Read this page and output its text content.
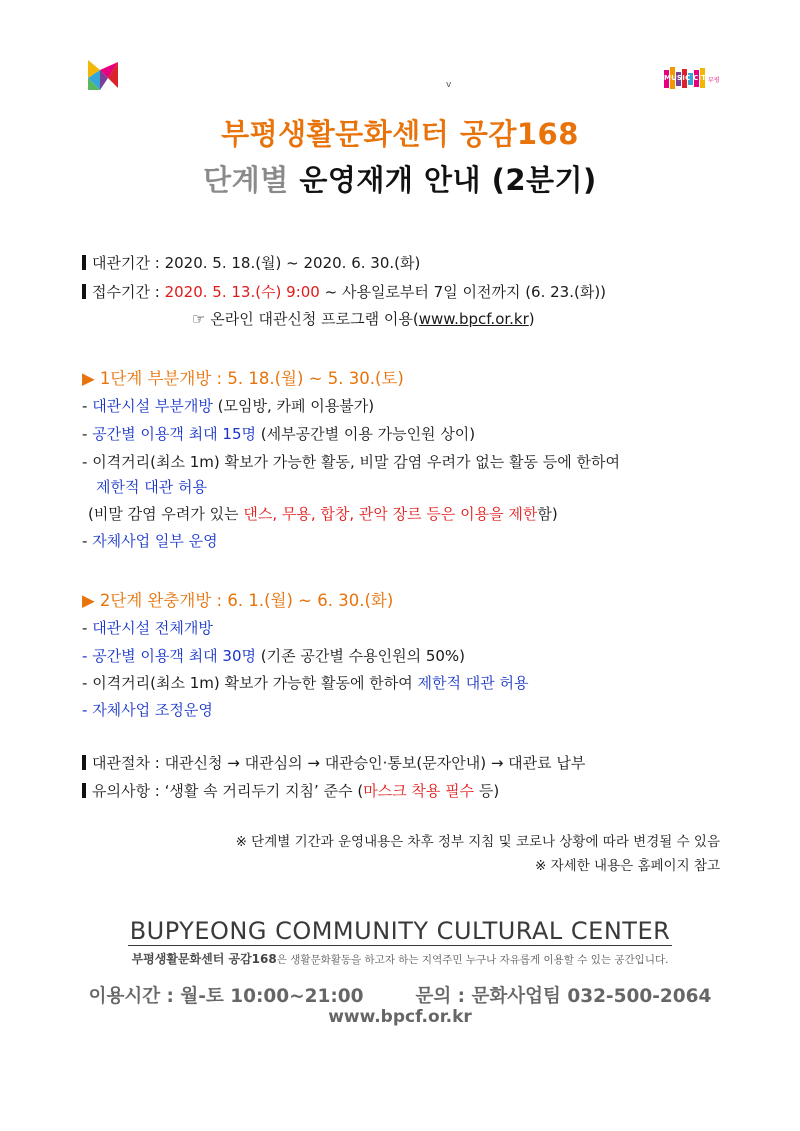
v
MUSIC CITY
부평
부평생활문화센터 공감168
단계별 운영재개 안내 (2분기)
대관기간 : 2020. 5. 18.(월) ~ 2020. 6. 30.(화)
접수기간 : 2020. 5. 13.(수) 9:00 ~ 사용일로부터 7일 이전까지 (6. 23.(화))
☞ 온라인 대관신청 프로그램 이용(www.bpcf.or.kr)
▶ 1단계 부분개방 : 5. 18.(월) ~ 5. 30.(토)
- 대관시설 부분개방 (모임방, 카페 이용불가)
- 공간별 이용객 최대 15명 (세부공간별 이용 가능인원 상이)
- 이격거리(최소 1m) 확보가 가능한 활동, 비말 감염 우려가 없는 활동 등에 한하여
제한적 대관 허용
(비말 감염 우려가 있는 댄스, 무용, 합창, 관악 장르 등은 이용을 제한함)
- 자체사업 일부 운영
▶ 2단계 완충개방 : 6. 1.(월) ~ 6. 30.(화)
- 대관시설 전체개방
- 공간별 이용객 최대 30명 (기존 공간별 수용인원의 50%)
- 이격거리(최소 1m) 확보가 가능한 활동에 한하여 제한적 대관 허용
- 자체사업 조정운영
대관절차 : 대관신청 → 대관심의 → 대관승인·통보(문자안내) → 대관료 납부
유의사항 : ‘생활 속 거리두기 지침’ 준수 (마스크 착용 필수 등)
※ 단계별 기간과 운영내용은 차후 정부 지침 및 코로나 상황에 따라 변경될 수 있음
※ 자세한 내용은 홈페이지 참고
BUPYEONG COMMUNITY CULTURAL CENTER
부평생활문화센터 공감168은 생활문화활동을 하고자 하는 지역주민 누구나 자유롭게 이용할 수 있는 공간입니다.
이용시간 : 월-토 10:00~21:00	문의 : 문화사업팀 032-500-2064
www.bpcf.or.kr
